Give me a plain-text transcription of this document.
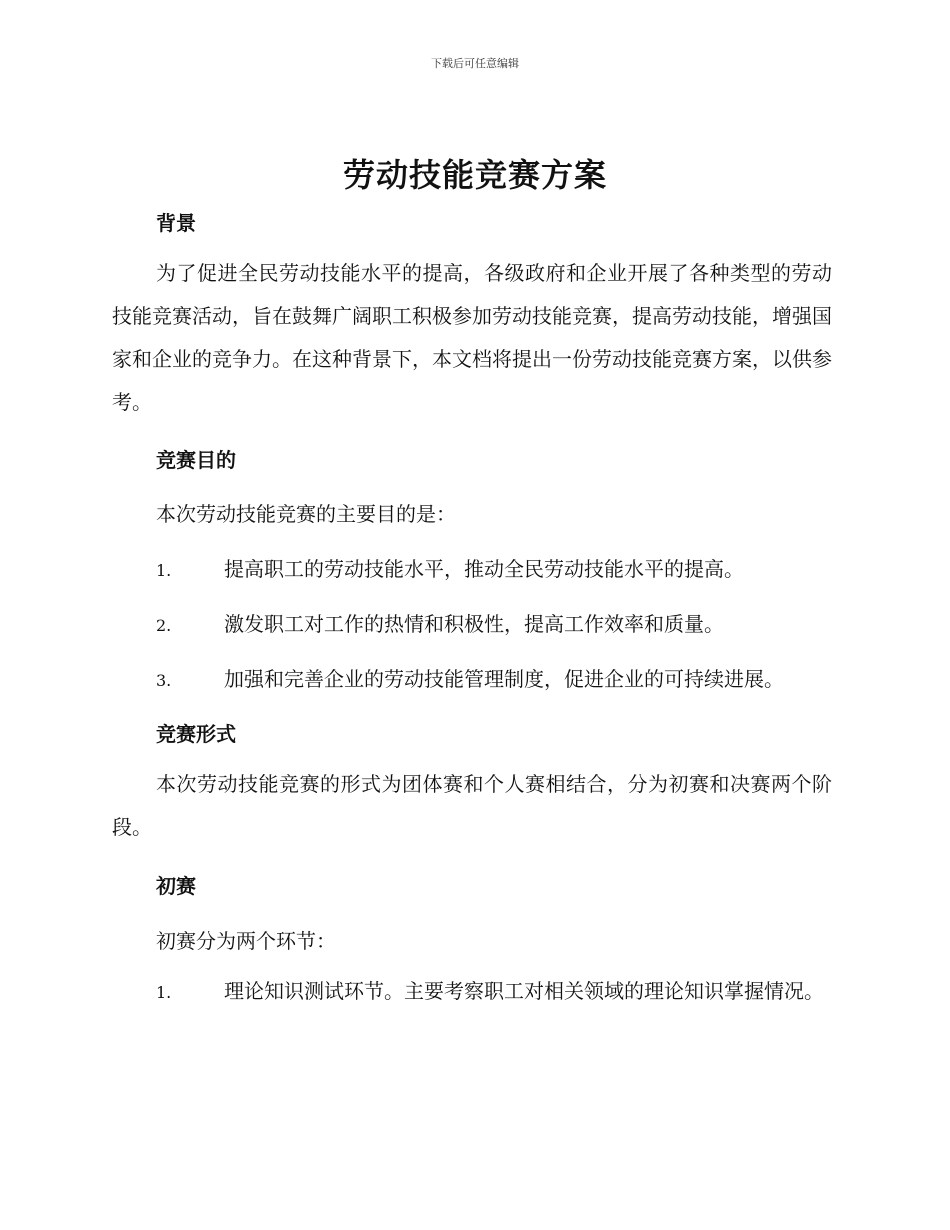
下载后可任意编辑
劳动技能竞赛方案
背景
为了促进全民劳动技能水平的提高，各级政府和企业开展了各种类型的劳动技能竞赛活动，旨在鼓舞广阔职工积极参加劳动技能竞赛，提高劳动技能，增强国家和企业的竞争力。在这种背景下，本文档将提出一份劳动技能竞赛方案，以供参考。
竞赛目的
本次劳动技能竞赛的主要目的是：
1.	提高职工的劳动技能水平，推动全民劳动技能水平的提高。
2.	激发职工对工作的热情和积极性，提高工作效率和质量。
3.	加强和完善企业的劳动技能管理制度，促进企业的可持续进展。
竞赛形式
本次劳动技能竞赛的形式为团体赛和个人赛相结合，分为初赛和决赛两个阶段。
初赛
初赛分为两个环节：
1.	理论知识测试环节。主要考察职工对相关领域的理论知识掌握情况。
